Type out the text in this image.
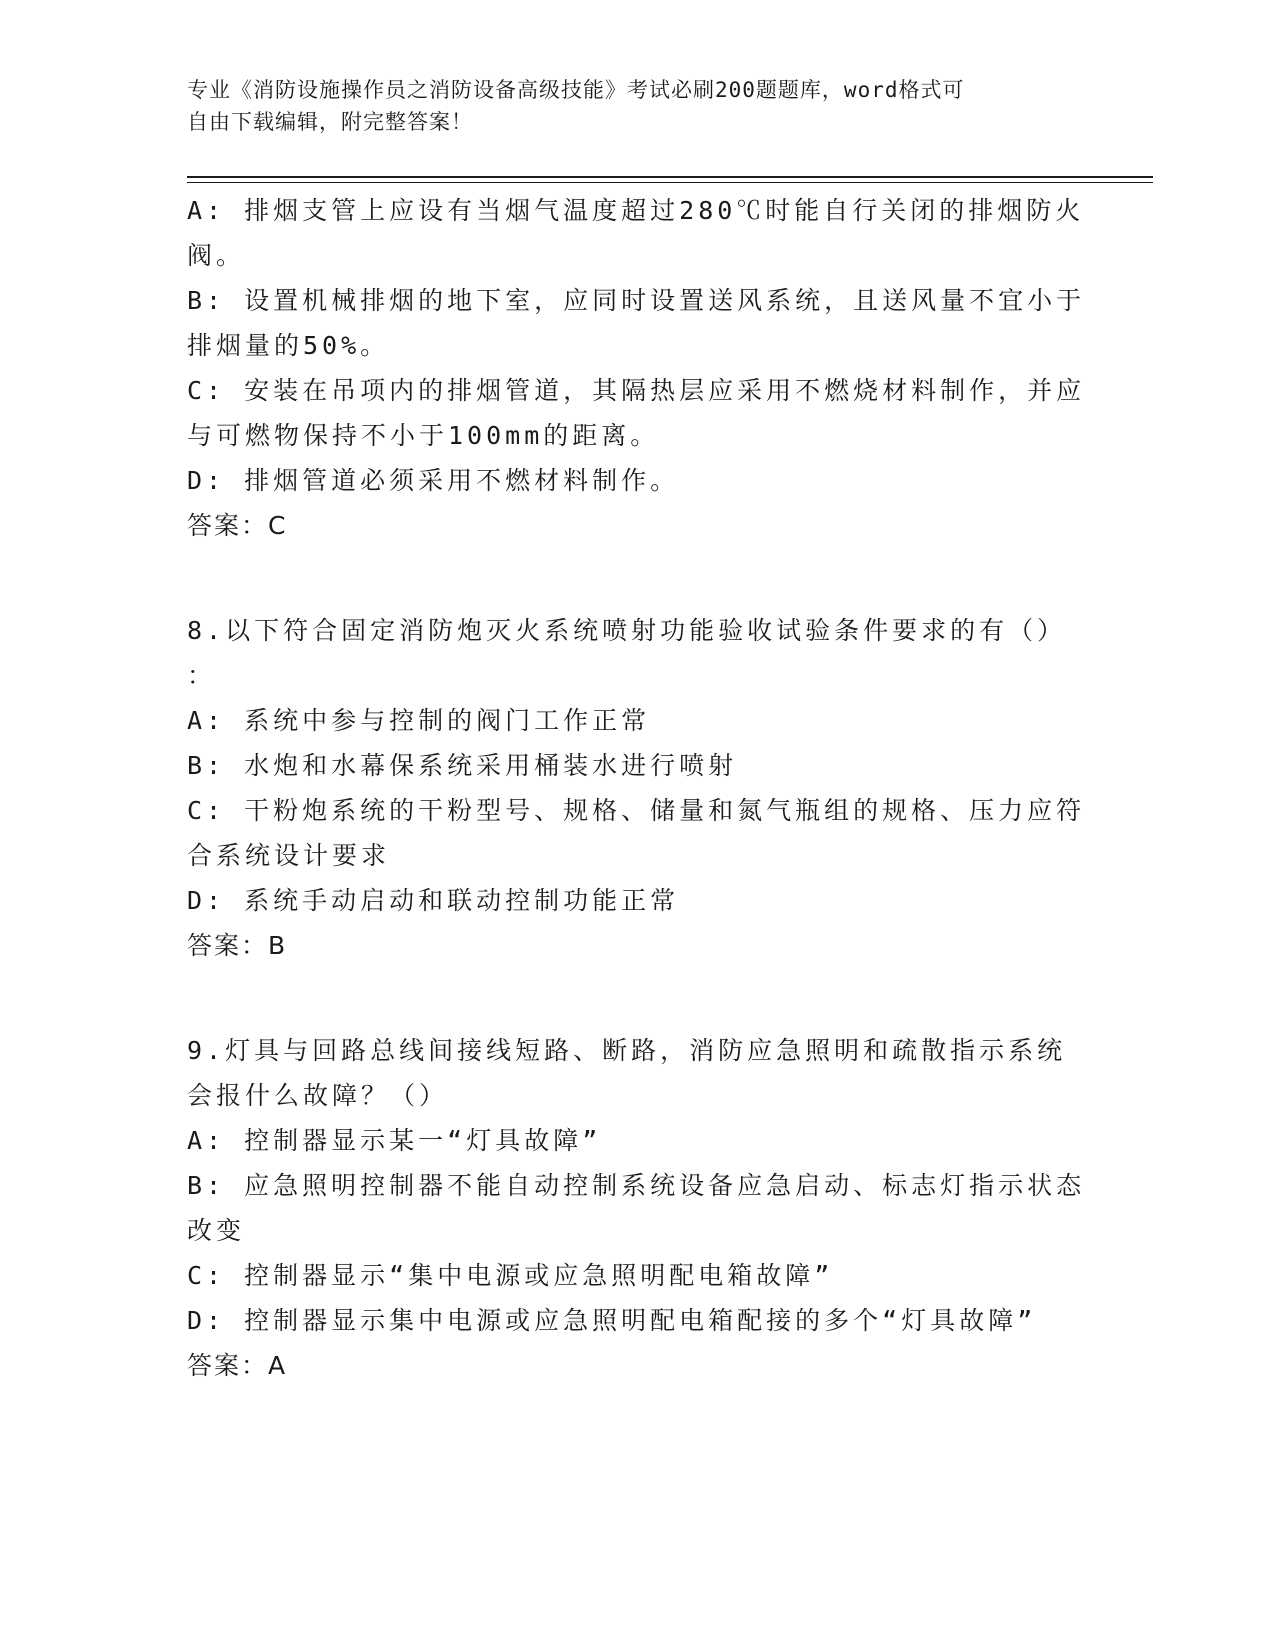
专业《消防设施操作员之消防设备高级技能》考试必刷200题题库，word格式可
自由下载编辑，附完整答案！

A: 排烟支管上应设有当烟气温度超过280℃时能自行关闭的排烟防火

阀。

B: 设置机械排烟的地下室，应同时设置送风系统，且送风量不宜小于

排烟量的50%。

C: 安装在吊项内的排烟管道，其隔热层应采用不燃烧材料制作，并应

与可燃物保持不小于100mm的距离。

D: 排烟管道必须采用不燃材料制作。

答案：C

8.以下符合固定消防炮灭火系统喷射功能验收试验条件要求的有（）

：

A: 系统中参与控制的阀门工作正常

B: 水炮和水幕保系统采用桶装水进行喷射

C: 干粉炮系统的干粉型号、规格、储量和氮气瓶组的规格、压力应符

合系统设计要求

D: 系统手动启动和联动控制功能正常

答案：B

9.灯具与回路总线间接线短路、断路，消防应急照明和疏散指示系统

会报什么故障？（）

A: 控制器显示某一“灯具故障”

B: 应急照明控制器不能自动控制系统设备应急启动、标志灯指示状态

改变

C: 控制器显示“集中电源或应急照明配电箱故障”

D: 控制器显示集中电源或应急照明配电箱配接的多个“灯具故障”

答案：A
